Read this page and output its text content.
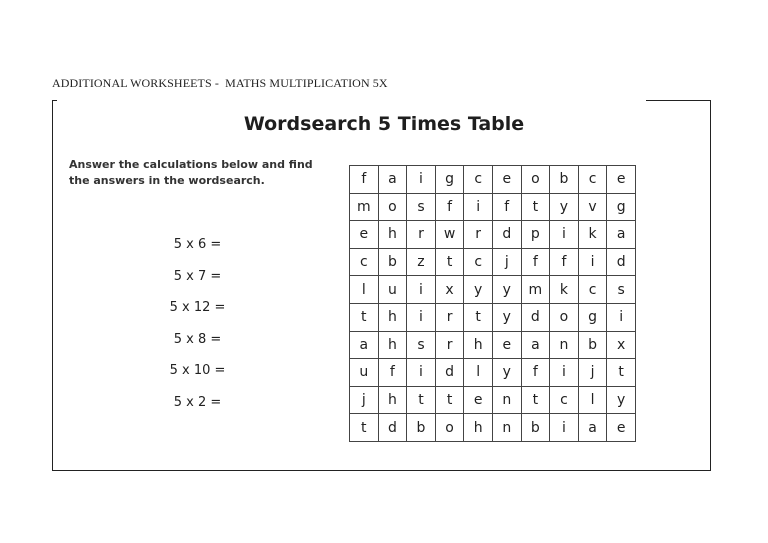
ADDITIONAL WORKSHEETS -  MATHS MULTIPLICATION 5X
Wordsearch 5 Times Table
Answer the calculations below and find the answers in the wordsearch.
5 x 6 =
5 x 7 =
5 x 12 =
5 x 8 =
5 x 10 =
5 x 2 =
f	a	i	g	c	e	o	b	c	e
m	o	s	f	i	f	t	y	v	g
e	h	r	w	r	d	p	i	k	a
c	b	z	t	c	j	f	f	i	d
l	u	i	x	y	y	m	k	c	s
t	h	i	r	t	y	d	o	g	i
a	h	s	r	h	e	a	n	b	x
u	f	i	d	l	y	f	i	j	t
j	h	t	t	e	n	t	c	l	y
t	d	b	o	h	n	b	i	a	e
